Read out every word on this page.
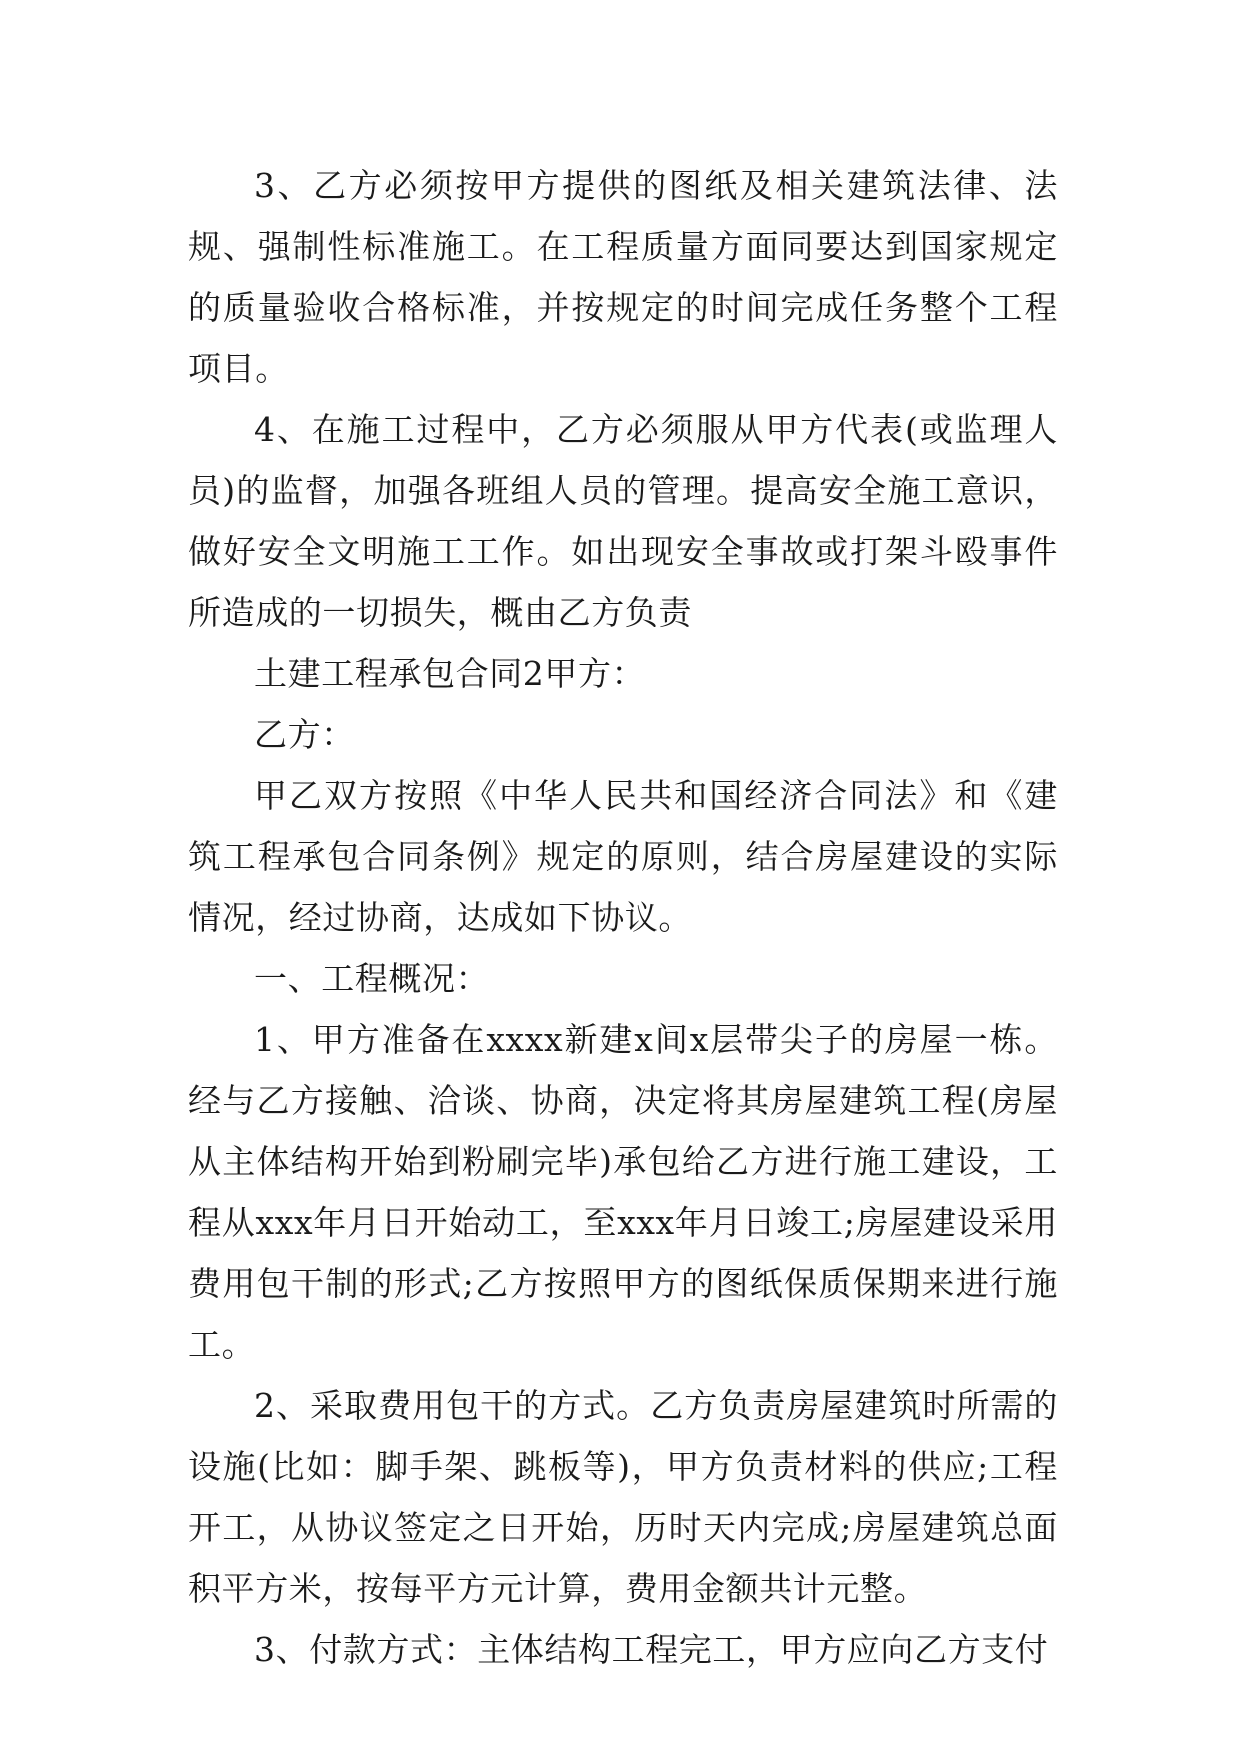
3、乙方必须按甲方提供的图纸及相关建筑法律、法规、强制性标准施工。在工程质量方面同要达到国家规定的质量验收合格标准，并按规定的时间完成任务整个工程项目。

4、在施工过程中，乙方必须服从甲方代表(或监理人员)的监督，加强各班组人员的管理。提高安全施工意识，做好安全文明施工工作。如出现安全事故或打架斗殴事件所造成的一切损失，概由乙方负责

土建工程承包合同2甲方：

乙方：

甲乙双方按照《中华人民共和国经济合同法》和《建筑工程承包合同条例》规定的原则，结合房屋建设的实际情况，经过协商，达成如下协议。

一、工程概况：

1、甲方准备在xxxx新建x间x层带尖子的房屋一栋。经与乙方接触、洽谈、协商，决定将其房屋建筑工程(房屋从主体结构开始到粉刷完毕)承包给乙方进行施工建设，工程从xxx年月日开始动工，至xxx年月日竣工;房屋建设采用费用包干制的形式;乙方按照甲方的图纸保质保期来进行施工。

2、采取费用包干的方式。乙方负责房屋建筑时所需的设施(比如：脚手架、跳板等)，甲方负责材料的供应;工程开工，从协议签定之日开始，历时天内完成;房屋建筑总面积平方米，按每平方元计算，费用金额共计元整。

3、付款方式：主体结构工程完工，甲方应向乙方支付
